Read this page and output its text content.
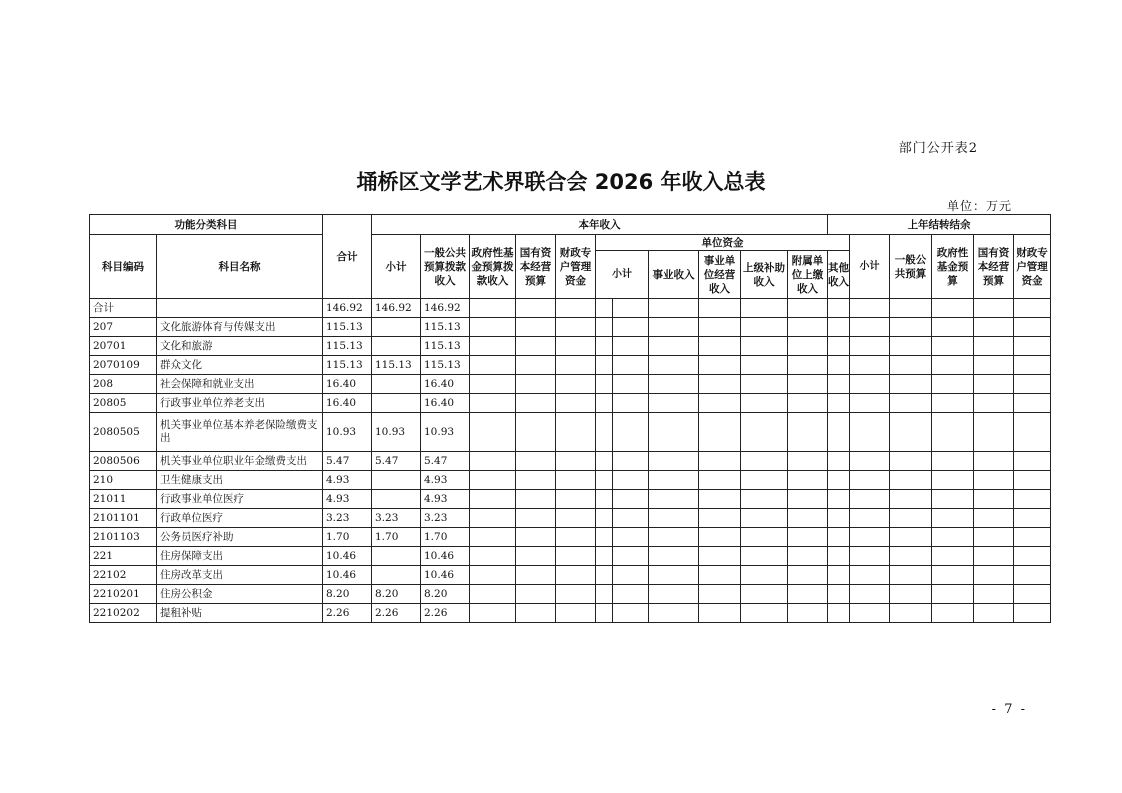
部门公开表2
埇桥区文学艺术界联合会 2026 年收入总表
单位：万元
功能分类科目		合计	本年收入											上年结转结余						
科目编码	科目名称		小计	一般公共预算拨款收入	政府性基金预算拨款收入	国有资本经营预算	财政专户管理资金	单位资金							小计	一般公共预算	政府性基金预算	国有资本经营预算	财政专户管理资金	
								小计		事业收入	事业单位经营收入	上级补助收入	附属单位上缴收入	其他收入						
合计		146.92	146.92	146.92																
207	文化旅游体育与传媒支出	115.13		115.13																
20701	文化和旅游	115.13		115.13																
2070109	群众文化	115.13	115.13	115.13																
208	社会保障和就业支出	16.40		16.40																
20805	行政事业单位养老支出	16.40		16.40																
2080505	机关事业单位基本养老保险缴费支出	10.93	10.93	10.93																
2080506	机关事业单位职业年金缴费支出	5.47	5.47	5.47																
210	卫生健康支出	4.93		4.93																
21011	行政事业单位医疗	4.93		4.93																
2101101	行政单位医疗	3.23	3.23	3.23																
2101103	公务员医疗补助	1.70	1.70	1.70																
221	住房保障支出	10.46		10.46																
22102	住房改革支出	10.46		10.46																
2210201	住房公积金	8.20	8.20	8.20																
2210202	提租补贴	2.26	2.26	2.26																
- 7 -
